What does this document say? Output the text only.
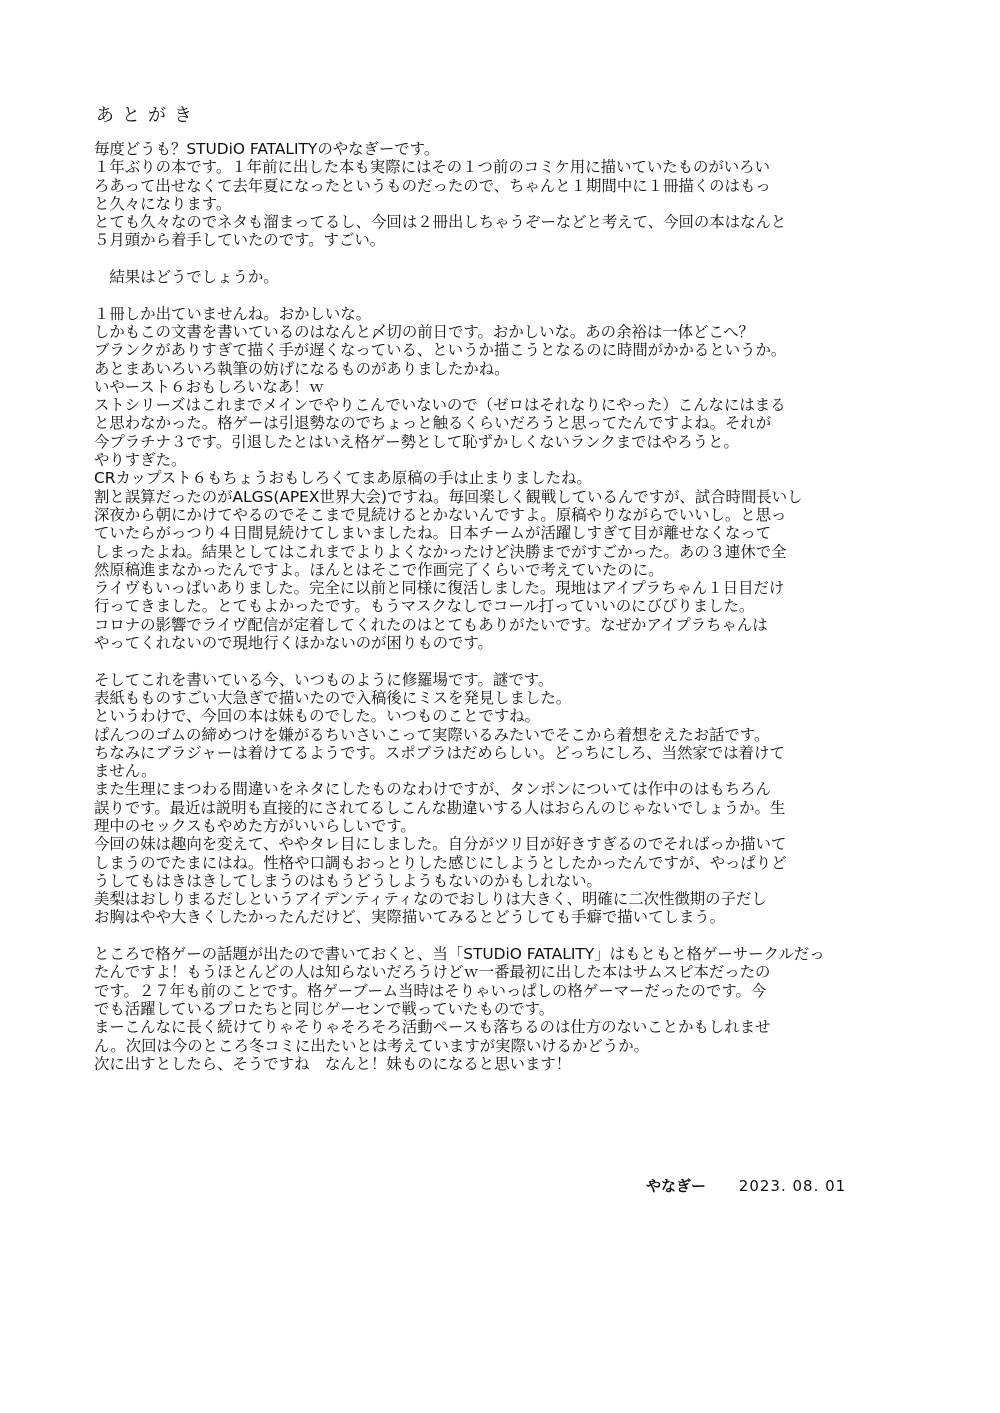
あとがき
毎度どうも？STUDiO FATALITYのやなぎーです。
１年ぶりの本です。１年前に出した本も実際にはその１つ前のコミケ用に描いていたものがいろい
ろあって出せなくて去年夏になったというものだったので、ちゃんと１期間中に１冊描くのはもっ
と久々になります。
とても久々なのでネタも溜まってるし、今回は２冊出しちゃうぞーなどと考えて、今回の本はなんと
５月頭から着手していたのです。すごい。
　結果はどうでしょうか。
１冊しか出ていませんね。おかしいな。
しかもこの文書を書いているのはなんと〆切の前日です。おかしいな。あの余裕は一体どこへ？
ブランクがありすぎて描く手が遅くなっている、というか描こうとなるのに時間がかかるというか。
あとまあいろいろ執筆の妨げになるものがありましたかね。
いやースト６おもしろいなあ！ｗ
ストシリーズはこれまでメインでやりこんでいないので（ゼロはそれなりにやった）こんなにはまる
と思わなかった。格ゲーは引退勢なのでちょっと触るくらいだろうと思ってたんですよね。それが
今プラチナ３です。引退したとはいえ格ゲー勢として恥ずかしくないランクまではやろうと。
やりすぎた。
CRカップスト６もちょうおもしろくてまあ原稿の手は止まりましたね。
割と誤算だったのがALGS(APEX世界大会)ですね。毎回楽しく観戦しているんですが、試合時間長いし
深夜から朝にかけてやるのでそこまで見続けるとかないんですよ。原稿やりながらでいいし。と思っ
ていたらがっつり４日間見続けてしまいましたね。日本チームが活躍しすぎて目が離せなくなって
しまったよね。結果としてはこれまでよりよくなかったけど決勝までがすごかった。あの３連休で全
然原稿進まなかったんですよ。ほんとはそこで作画完了くらいで考えていたのに。
ライヴもいっぱいありました。完全に以前と同様に復活しました。現地はアイプラちゃん１日目だけ
行ってきました。とてもよかったです。もうマスクなしでコール打っていいのにびびりました。
コロナの影響でライヴ配信が定着してくれたのはとてもありがたいです。なぜかアイプラちゃんは
やってくれないので現地行くほかないのが困りものです。
そしてこれを書いている今、いつものように修羅場です。謎です。
表紙もものすごい大急ぎで描いたので入稿後にミスを発見しました。
というわけで、今回の本は妹ものでした。いつものことですね。
ぱんつのゴムの締めつけを嫌がるちいさいこって実際いるみたいでそこから着想をえたお話です。
ちなみにブラジャーは着けてるようです。スポブラはだめらしい。どっちにしろ、当然家では着けて
ません。
また生理にまつわる間違いをネタにしたものなわけですが、タンポンについては作中のはもちろん
誤りです。最近は説明も直接的にされてるしこんな勘違いする人はおらんのじゃないでしょうか。生
理中のセックスもやめた方がいいらしいです。
今回の妹は趣向を変えて、ややタレ目にしました。自分がツリ目が好きすぎるのでそればっか描いて
しまうのでたまにはね。性格や口調もおっとりした感じにしようとしたかったんですが、やっぱりど
うしてもはきはきしてしまうのはもうどうしようもないのかもしれない。
美梨はおしりまるだしというアイデンティティなのでおしりは大きく、明確に二次性徴期の子だし
お胸はやや大きくしたかったんだけど、実際描いてみるとどうしても手癖で描いてしまう。
ところで格ゲーの話題が出たので書いておくと、当「STUDiO FATALITY」はもともと格ゲーサークルだっ
たんですよ！もうほとんどの人は知らないだろうけどｗ一番最初に出した本はサムスピ本だったの
です。２７年も前のことです。格ゲーブーム当時はそりゃいっぱしの格ゲーマーだったのです。今
でも活躍しているプロたちと同じゲーセンで戦っていたものです。
まーこんなに長く続けてりゃそりゃそろそろ活動ペースも落ちるのは仕方のないことかもしれませ
ん。次回は今のところ冬コミに出たいとは考えていますが実際いけるかどうか。
次に出すとしたら、そうですね　なんと！妹ものになると思います！
やなぎー 2023. 08. 01
